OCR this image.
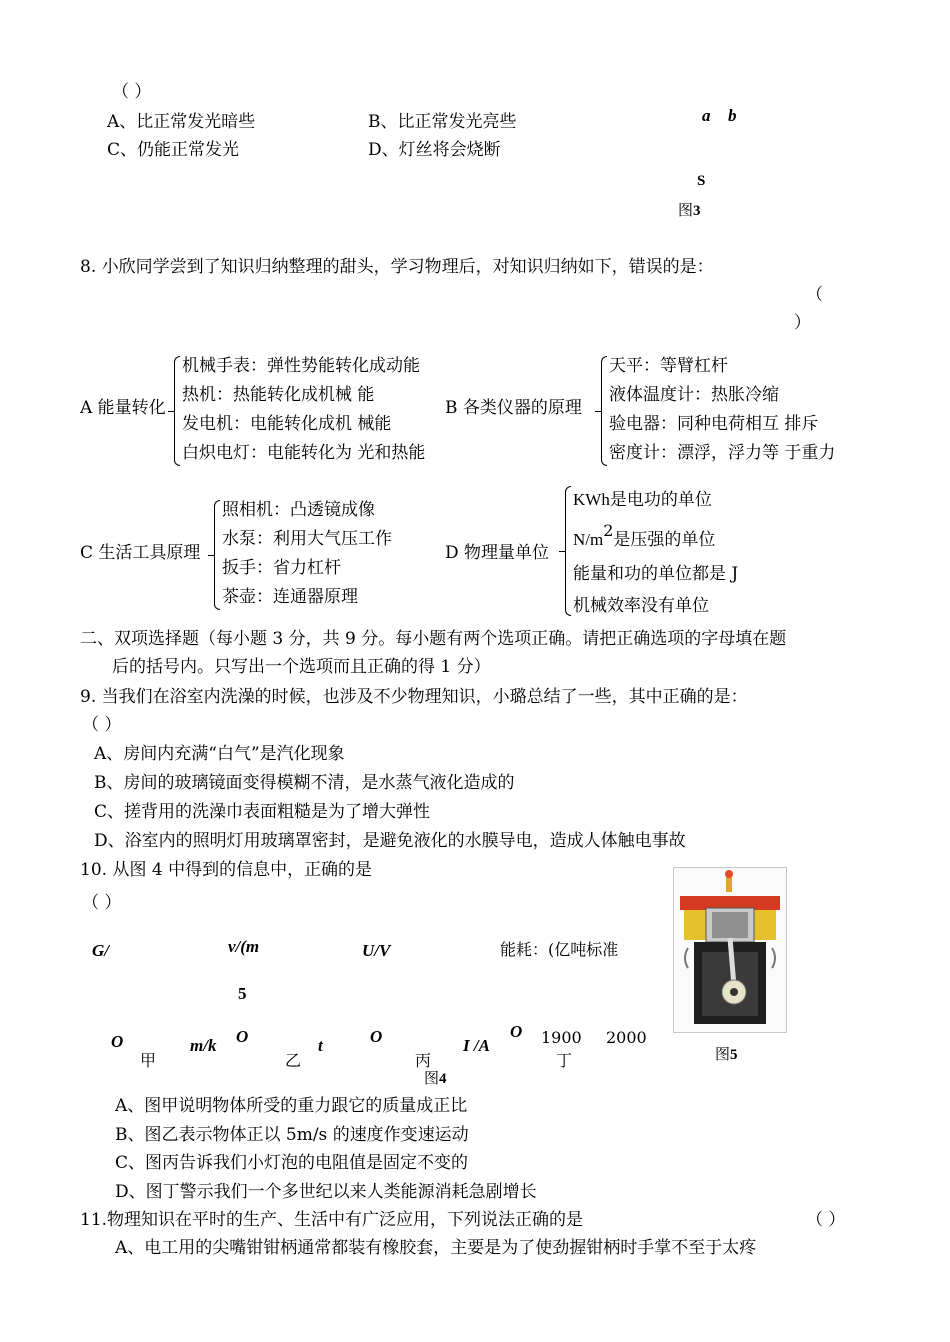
（ ）
A、比正常发光暗些	B、比正常发光亮些
C、仍能正常发光	D、灯丝将会烧断
a b
S
图3
8. 小欣同学尝到了知识归纳整理的甜头，学习物理后，对知识归纳如下，错误的是：
（
）
A 能量转化
机械手表：弹性势能转化成动能
热机：热能转化成机械 能
发电机：电能转化成机 械能
白炽电灯：电能转化为 光和热能
B 各类仪器的原理
天平：等臂杠杆
液体温度计：热胀冷缩
验电器：同种电荷相互 排斥
密度计：漂浮，浮力等 于重力
C 生活工具原理
照相机：凸透镜成像
水泵：利用大气压工作
扳手：省力杠杆
茶壶：连通器原理
D 物理量单位
KWh是电功的单位
N/m2是压强的单位
能量和功的单位都是 J
机械效率没有单位
二、双项选择题（每小题 3 分，共 9 分。每小题有两个选项正确。请把正确选项的字母填在题
后的括号内。只写出一个选项而且正确的得 1 分）
9. 当我们在浴室内洗澡的时候，也涉及不少物理知识，小璐总结了一些，其中正确的是：
（ ）
A、房间内充满“白气”是汽化现象
B、房间的玻璃镜面变得模糊不清，是水蒸气液化造成的
C、搓背用的洗澡巾表面粗糙是为了增大弹性
D、浴室内的照明灯用玻璃罩密封，是避免液化的水膜导电，造成人体触电事故
10. 从图 4 中得到的信息中，正确的是
（ ）
G/	v/(m
5
U/V	能耗：(亿吨标准
O
甲
m/k O
乙
t	O
丙
I /A
O 1900 2000
丁
图4
图5
A、图甲说明物体所受的重力跟它的质量成正比
B、图乙表示物体正以 5m/s 的速度作变速运动
C、图丙告诉我们小灯泡的电阻值是固定不变的
D、图丁警示我们一个多世纪以来人类能源消耗急剧增长
11.物理知识在平时的生产、生活中有广泛应用，下列说法正确的是	（ ）
A、电工用的尖嘴钳钳柄通常都装有橡胶套，主要是为了使劲握钳柄时手掌不至于太疼
